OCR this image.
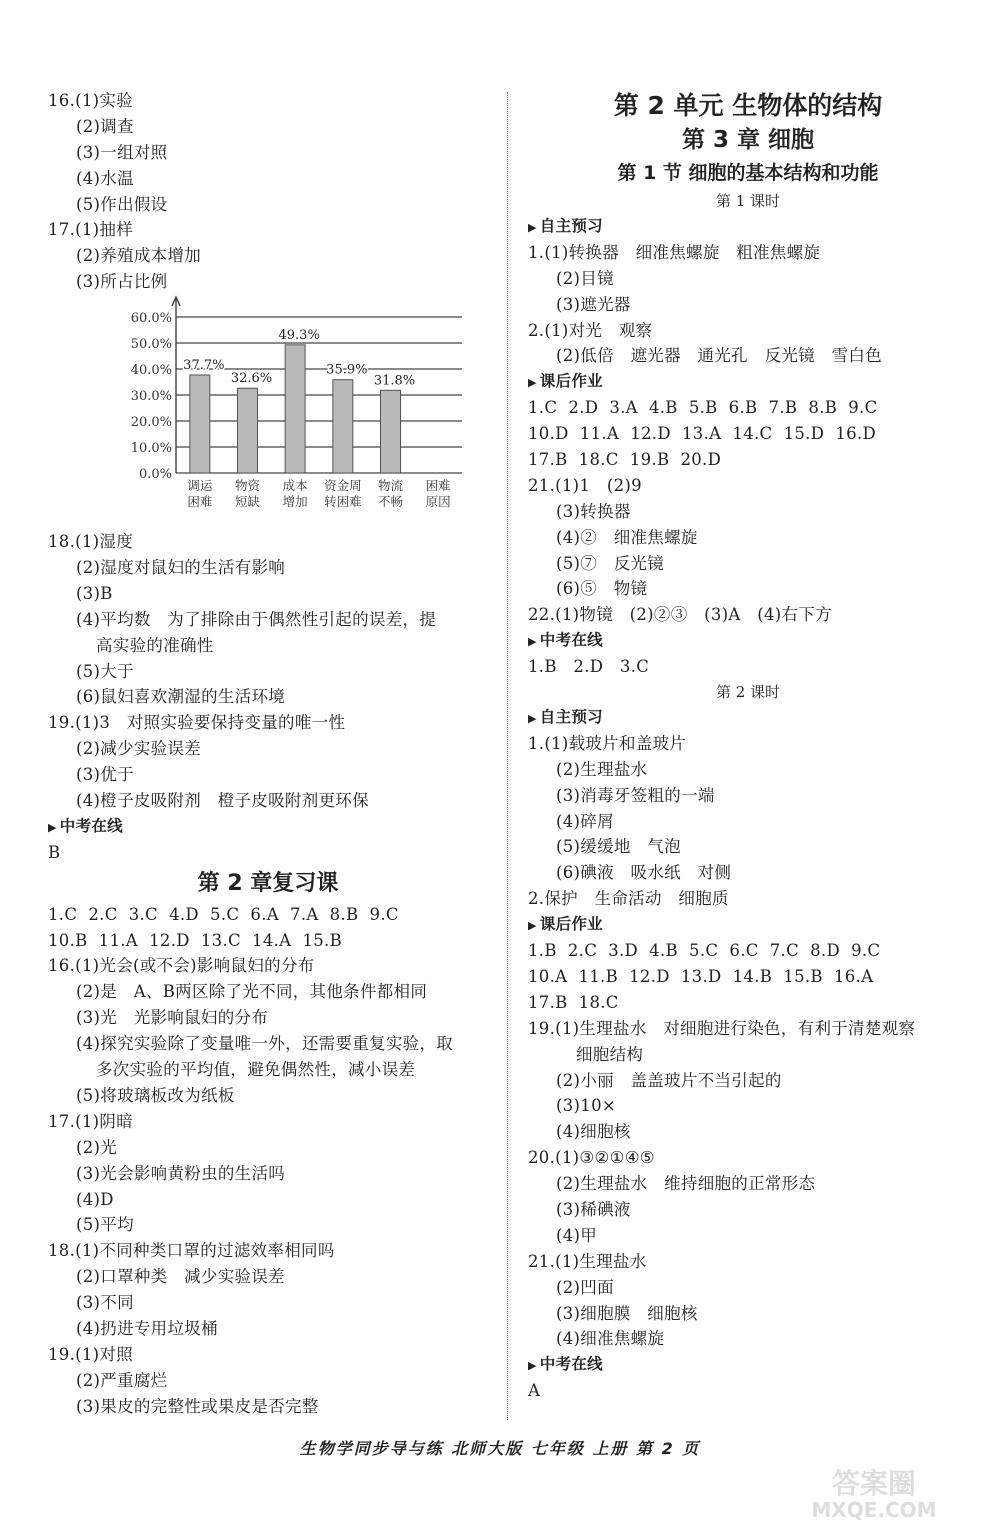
16.(1)实验
(2)调查
(3)一组对照
(4)水温
(5)作出假设
17.(1)抽样
(2)养殖成本增加
(3)所占比例
0.0%
10.0%
20.0%
30.0%
40.0%
50.0%
60.0%
调运
困难
物资
短缺
成本
增加
资金周
转困难
物流
不畅
困难
原因
37.7%
32.6%
49.3%
35.9%
31.8%
18.(1)湿度
(2)湿度对鼠妇的生活有影响
(3)B
(4)平均数   为了排除由于偶然性引起的误差，提
高实验的准确性
(5)大于
(6)鼠妇喜欢潮湿的生活环境
19.(1)3   对照实验要保持变量的唯一性
(2)减少实验误差
(3)优于
(4)橙子皮吸附剂   橙子皮吸附剂更环保
▶ 中考在线
B
第 2 章复习课
1.C  2.C  3.C  4.D  5.C  6.A  7.A  8.B  9.C
10.B  11.A  12.D  13.C  14.A  15.B
16.(1)光会(或不会)影响鼠妇的分布
(2)是   A、B两区除了光不同，其他条件都相同
(3)光   光影响鼠妇的分布
(4)探究实验除了变量唯一外，还需要重复实验，取
多次实验的平均值，避免偶然性，减小误差
(5)将玻璃板改为纸板
17.(1)阴暗
(2)光
(3)光会影响黄粉虫的生活吗
(4)D
(5)平均
18.(1)不同种类口罩的过滤效率相同吗
(2)口罩种类   减少实验误差
(3)不同
(4)扔进专用垃圾桶
19.(1)对照
(2)严重腐烂
(3)果皮的完整性或果皮是否完整
第 2 单元 生物体的结构
第 3 章 细胞
第 1 节 细胞的基本结构和功能
第 1 课时
▶ 自主预习
1.(1)转换器   细准焦螺旋   粗准焦螺旋
(2)目镜
(3)遮光器
2.(1)对光   观察
(2)低倍   遮光器   通光孔   反光镜   雪白色
▶ 课后作业
1.C  2.D  3.A  4.B  5.B  6.B  7.B  8.B  9.C
10.D  11.A  12.D  13.A  14.C  15.D  16.D
17.B  18.C  19.B  20.D
21.(1)1   (2)9
(3)转换器
(4)②   细准焦螺旋
(5)⑦   反光镜
(6)⑤   物镜
22.(1)物镜   (2)②③   (3)A   (4)右下方
▶ 中考在线
1.B   2.D   3.C
第 2 课时
▶ 自主预习
1.(1)载玻片和盖玻片
(2)生理盐水
(3)消毒牙签粗的一端
(4)碎屑
(5)缓缓地   气泡
(6)碘液   吸水纸   对侧
2.保护   生命活动   细胞质
▶ 课后作业
1.B  2.C  3.D  4.B  5.C  6.C  7.C  8.D  9.C
10.A  11.B  12.D  13.D  14.B  15.B  16.A
17.B  18.C
19.(1)生理盐水   对细胞进行染色，有利于清楚观察
细胞结构
(2)小丽   盖盖玻片不当引起的
(3)10×
(4)细胞核
20.(1)③②①④⑤
(2)生理盐水   维持细胞的正常形态
(3)稀碘液
(4)甲
21.(1)生理盐水
(2)凹面
(3)细胞膜   细胞核
(4)细准焦螺旋
▶ 中考在线
A
生物学同步导与练 北师大版 七年级 上册 第 2 页
答案圈
MXQE.COM
